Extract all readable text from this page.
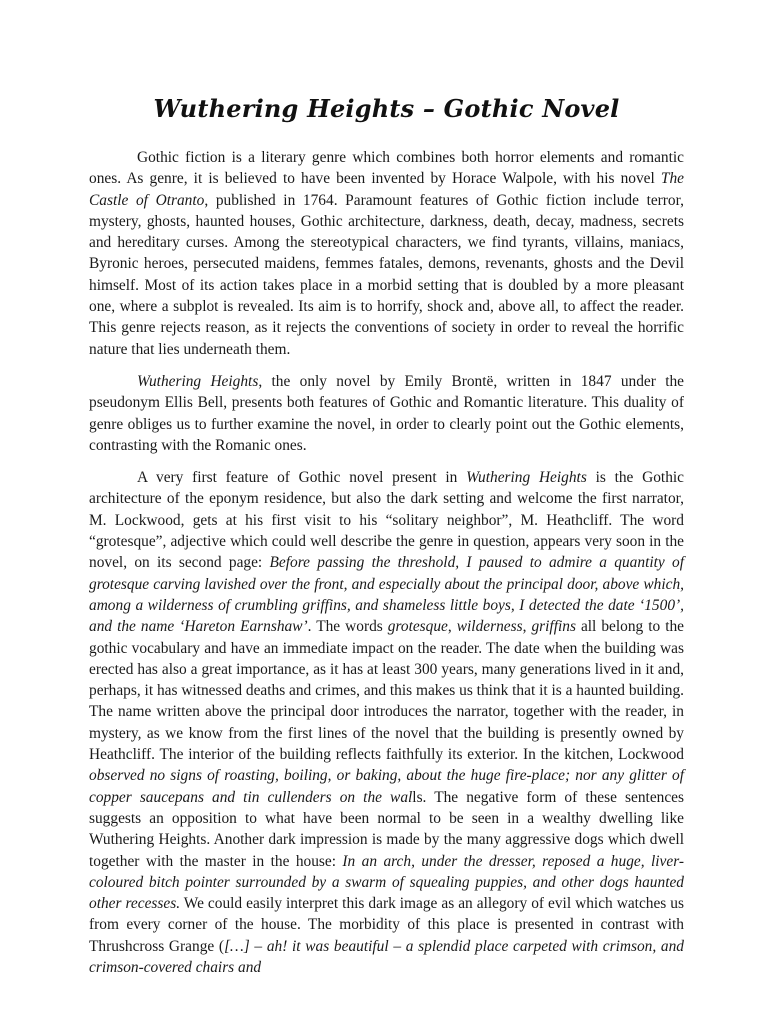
Wuthering Heights – Gothic Novel

Gothic fiction is a literary genre which combines both horror elements and romantic ones. As genre, it is believed to have been invented by Horace Walpole, with his novel The Castle of Otranto, published in 1764. Paramount features of Gothic fiction include terror, mystery, ghosts, haunted houses, Gothic architecture, darkness, death, decay, madness, secrets and hereditary curses. Among the stereotypical characters, we find tyrants, villains, maniacs, Byronic heroes, persecuted maidens, femmes fatales, demons, revenants, ghosts and the Devil himself. Most of its action takes place in a morbid setting that is doubled by a more pleasant one, where a subplot is revealed. Its aim is to horrify, shock and, above all, to affect the reader. This genre rejects reason, as it rejects the conventions of society in order to reveal the horrific nature that lies underneath them.

Wuthering Heights, the only novel by Emily Brontë, written in 1847 under the pseudonym Ellis Bell, presents both features of Gothic and Romantic literature. This duality of genre obliges us to further examine the novel, in order to clearly point out the Gothic elements, contrasting with the Romanic ones.

A very first feature of Gothic novel present in Wuthering Heights is the Gothic architecture of the eponym residence, but also the dark setting and welcome the first narrator, M. Lockwood, gets at his first visit to his “solitary neighbor”, M. Heathcliff. The word “grotesque”, adjective which could well describe the genre in question, appears very soon in the novel, on its second page: Before passing the threshold, I paused to admire a quantity of grotesque carving lavished over the front, and especially about the principal door, above which, among a wilderness of crumbling griffins, and shameless little boys, I detected the date ‘1500’, and the name ‘Hareton Earnshaw’. The words grotesque, wilderness, griffins all belong to the gothic vocabulary and have an immediate impact on the reader. The date when the building was erected has also a great importance, as it has at least 300 years, many generations lived in it and, perhaps, it has witnessed deaths and crimes, and this makes us think that it is a haunted building. The name written above the principal door introduces the narrator, together with the reader, in mystery, as we know from the first lines of the novel that the building is presently owned by Heathcliff. The interior of the building reflects faithfully its exterior. In the kitchen, Lockwood observed no signs of roasting, boiling, or baking, about the huge fire-place; nor any glitter of copper saucepans and tin cullenders on the walls. The negative form of these sentences suggests an opposition to what have been normal to be seen in a wealthy dwelling like Wuthering Heights. Another dark impression is made by the many aggressive dogs which dwell together with the master in the house: In an arch, under the dresser, reposed a huge, liver-coloured bitch pointer surrounded by a swarm of squealing puppies, and other dogs haunted other recesses. We could easily interpret this dark image as an allegory of evil which watches us from every corner of the house. The morbidity of this place is presented in contrast with Thrushcross Grange ([…] – ah! it was beautiful – a splendid place carpeted with crimson, and crimson-covered chairs and
